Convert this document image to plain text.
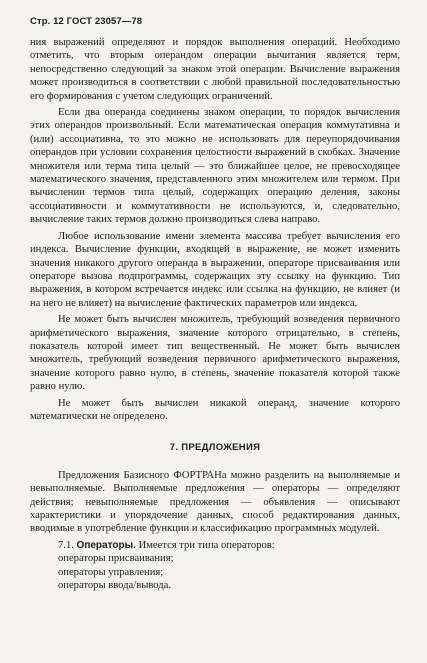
Стр. 12 ГОСТ 23057—78

ния выражений определяют и порядок выполнения операций. Необходимо отметить, что вторым операндом операции вычитания является терм, непосредственно следующий за знаком этой операции. Вычисление выражения может производиться в соответствии с любой правильной последовательностью его формирования с учетом следующих ограничений.

Если два операнда соединены знаком операции, то порядок вычисления этих операндов произвольный. Если математическая операция коммутативна и (или) ассоциативна, то это можно не использовать для переупорядочивания операндов при условии сохранения целостности выражений в скобках. Значение множителя или терма типа целый — это ближайшее целое, не превосходящее математического значения, представленного этим множителем или термом. При вычислении термов типа целый, содержащих операцию деления, законы ассоциативности и коммутативности не используются, и, следовательно, вычисление таких термов должно производиться слева направо.

Любое использование имени элемента массива требует вычисления его индекса. Вычисление функции, входящей в выражение, не может изменить значения никакого другого операнда в выражении, операторе присваивания или операторе вызова подпрограммы, содержащих эту ссылку на функцию. Тип выражения, в котором встречается индекс или ссылка на функцию, не влияет (и на него не влияет) на вычисление фактических параметров или индекса.

Не может быть вычислен множитель, требующий возведения первичного арифметического выражения, значение которого отрицательно, в степень, показатель которой имеет тип вещественный. Не может быть вычислен множитель, требующий возведения первичного арифметического выражения, значение которого равно нулю, в степень, значение показателя которой также равно нулю.

Не может быть вычислен никакой операнд, значение которого математически не определено.

7. ПРЕДЛОЖЕНИЯ

Предложения Базисного ФОРТРАНа можно разделить на выполняемые и невыполняемые. Выполняемые предложения — операторы — определяют действия; невыполняемые предложения — объявления — описывают характеристики и упорядочение данных, способ редактирования данных, вводимые в употребление функции и классификацию программных модулей.

7.1. Операторы. Имеется три типа операторов:

операторы присваивания;
операторы управления;
операторы ввода/вывода.
